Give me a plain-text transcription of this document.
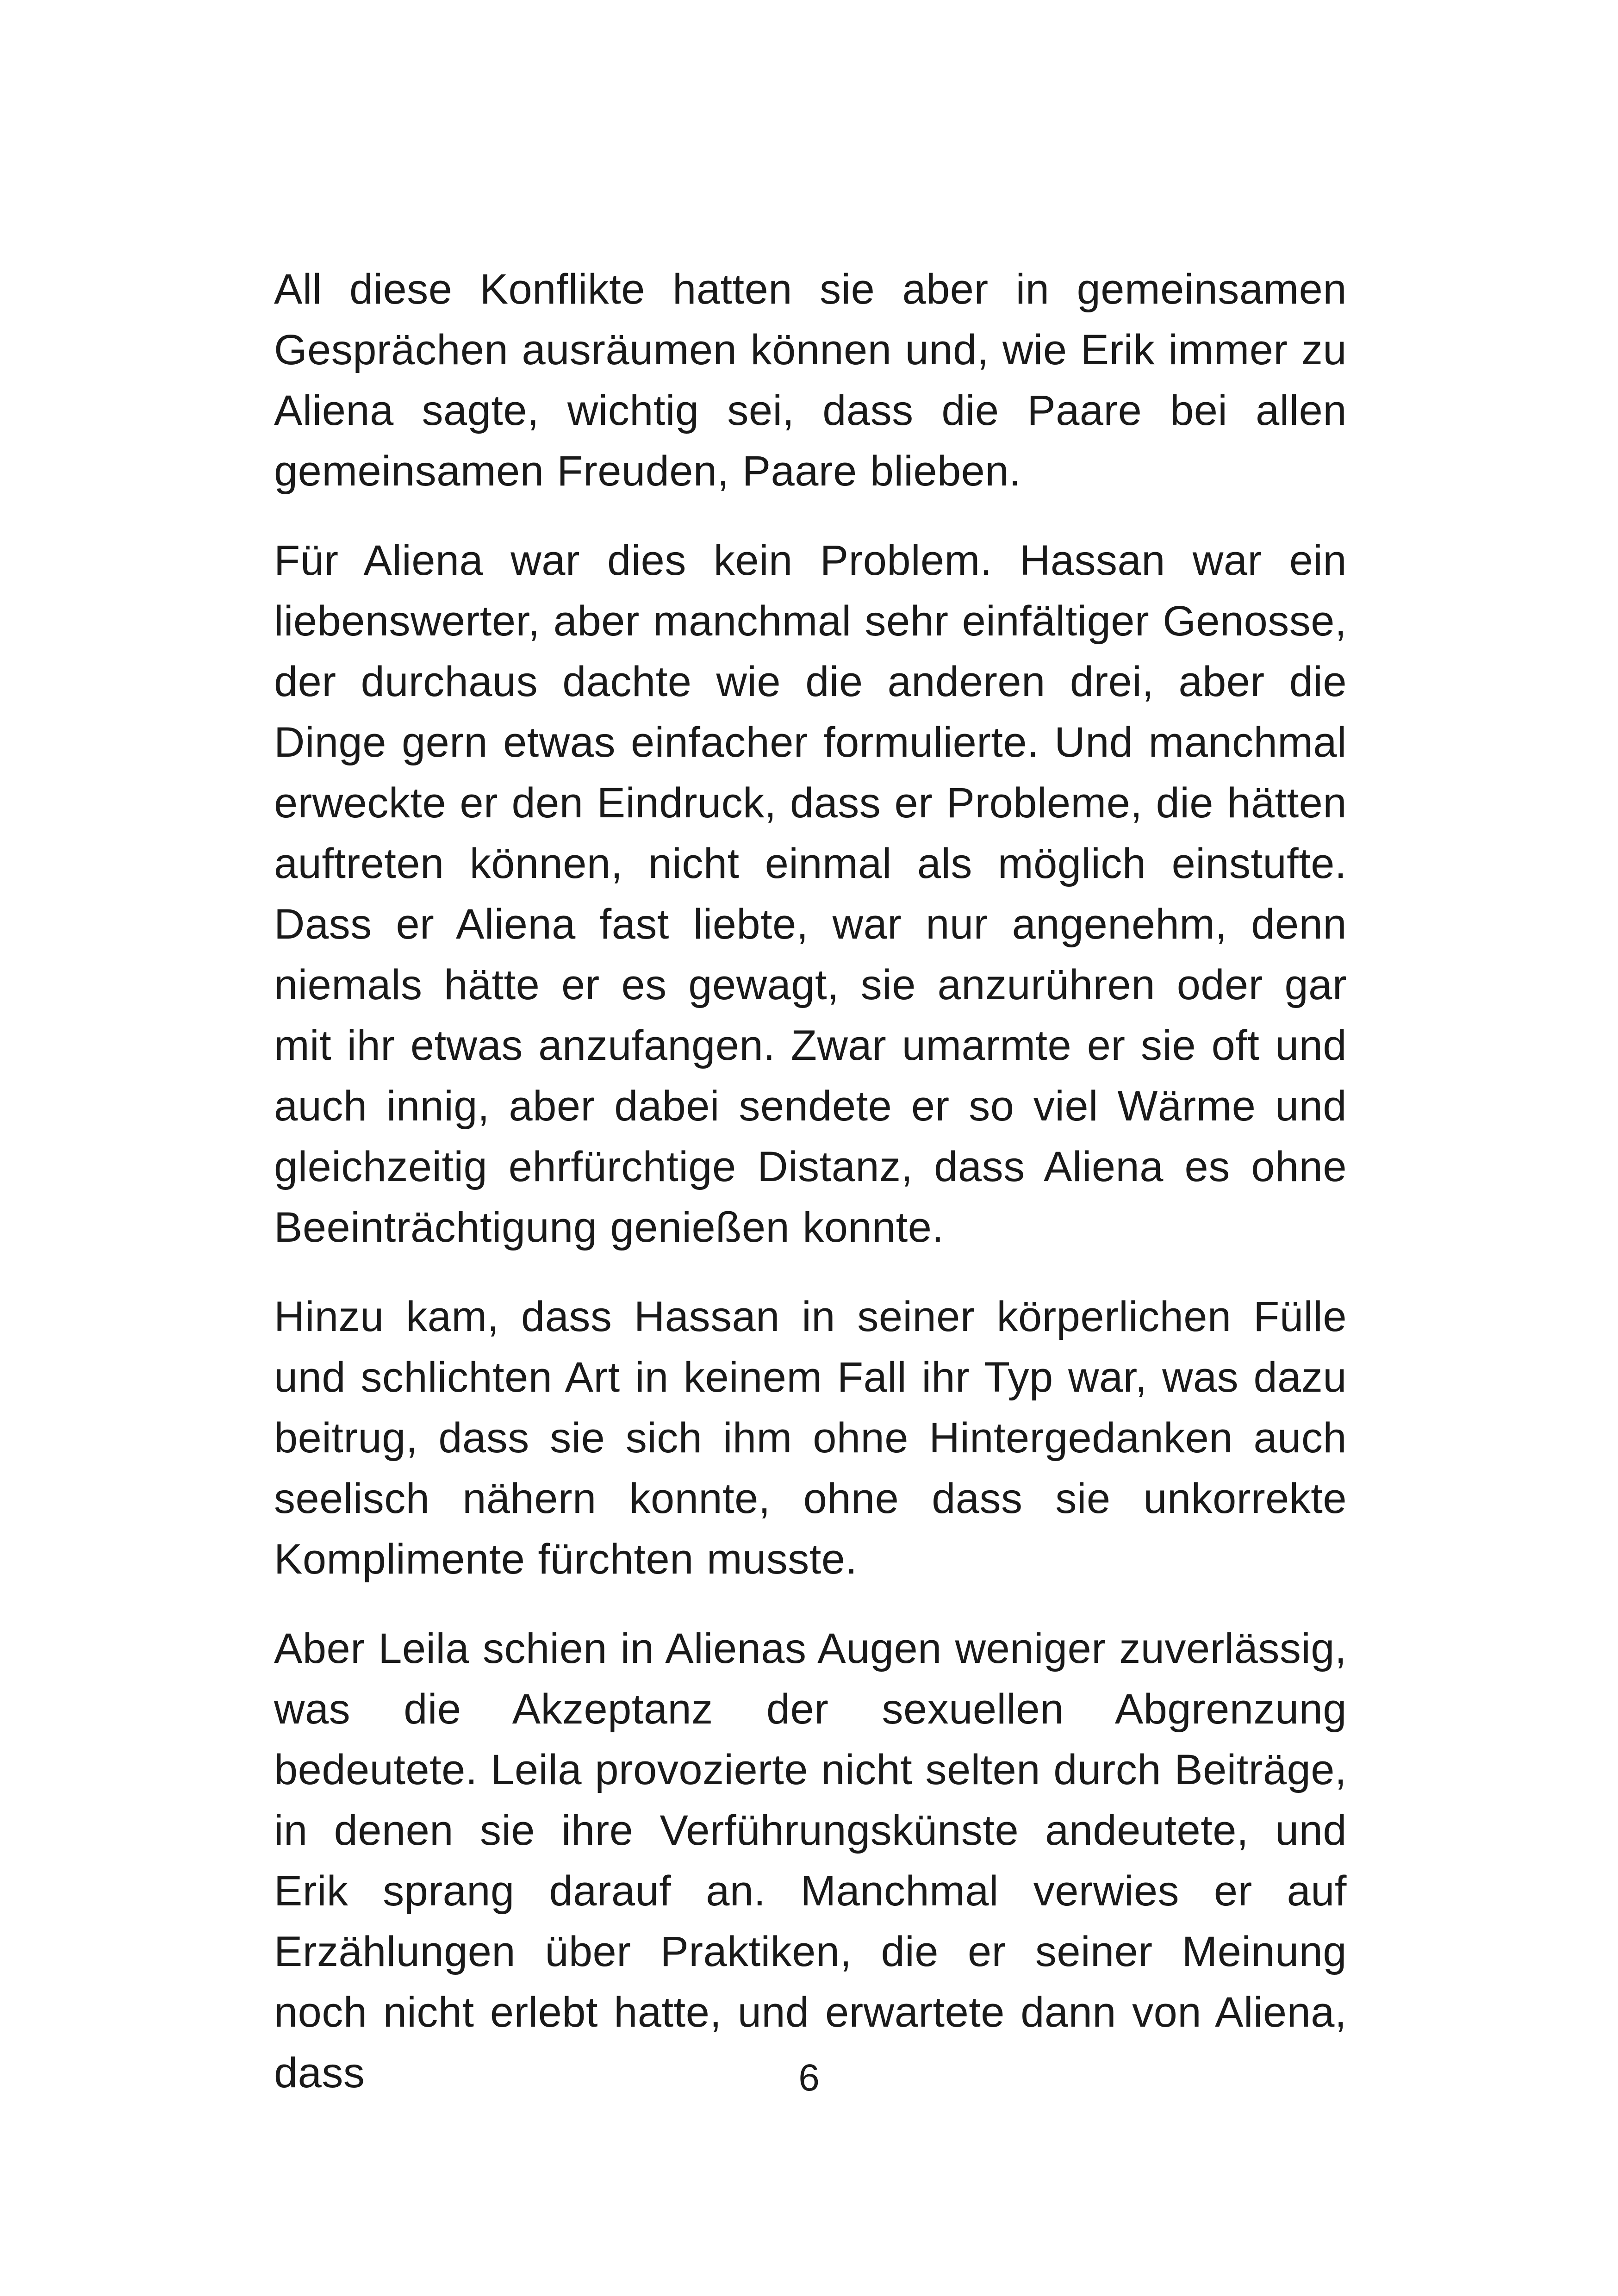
All diese Konflikte hatten sie aber in gemeinsamen Gesprächen ausräumen können und, wie Erik immer zu Aliena sagte, wichtig sei, dass die Paare bei allen gemeinsamen Freuden, Paare blieben.

Für Aliena war dies kein Problem. Hassan war ein liebenswerter, aber manchmal sehr einfältiger Genosse, der durchaus dachte wie die anderen drei, aber die Dinge gern etwas einfacher formulierte. Und manchmal erweckte er den Eindruck, dass er Probleme, die hätten auftreten können, nicht einmal als möglich einstufte. Dass er Aliena fast liebte, war nur angenehm, denn niemals hätte er es gewagt, sie anzurühren oder gar mit ihr etwas anzufangen. Zwar umarmte er sie oft und auch innig, aber dabei sendete er so viel Wärme und gleichzeitig ehrfürchtige Distanz, dass Aliena es ohne Beeinträchtigung genießen konnte.

Hinzu kam, dass Hassan in seiner körperlichen Fülle und schlichten Art in keinem Fall ihr Typ war, was dazu beitrug, dass sie sich ihm ohne Hintergedanken auch seelisch nähern konnte, ohne dass sie unkorrekte Komplimente fürchten musste.

Aber Leila schien in Alienas Augen weniger zuverlässig, was die Akzeptanz der sexuellen Abgrenzung bedeutete. Leila provozierte nicht selten durch Beiträge, in denen sie ihre Verführungskünste andeutete, und Erik sprang darauf an. Manchmal verwies er auf Erzählungen über Praktiken, die er seiner Meinung noch nicht erlebt hatte, und erwartete dann von Aliena, dass	6
